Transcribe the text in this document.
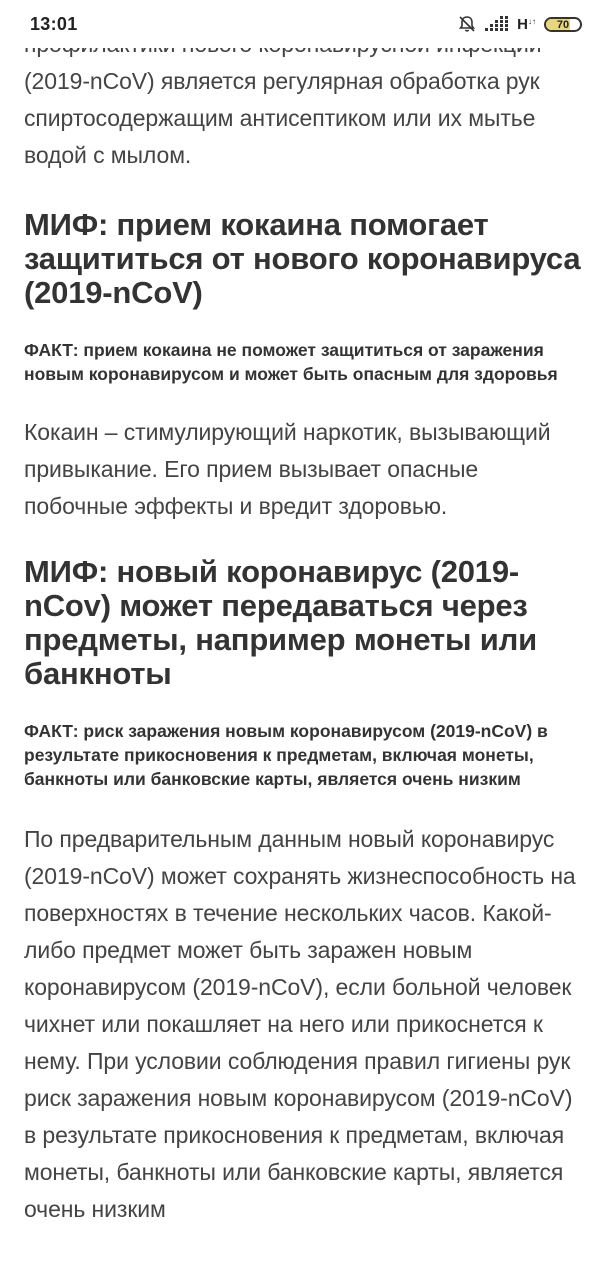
13:01	H ↓↑	70

(2019-nCoV) является регулярная обработка рук спиртосодержащим антисептиком или их мытье водой с мылом.

МИФ: прием кокаина помогает защититься от нового коронавируса (2019-nCoV)

ФАКТ: прием кокаина не поможет защититься от заражения новым коронавирусом и может быть опасным для здоровья

Кокаин – стимулирующий наркотик, вызывающий привыкание. Его прием вызывает опасные побочные эффекты и вредит здоровью.

МИФ: новый коронавирус (2019-nCov) может передаваться через предметы, например монеты или банкноты

ФАКТ: риск заражения новым коронавирусом (2019-nCoV) в результате прикосновения к предметам, включая монеты, банкноты или банковские карты, является очень низким

По предварительным данным новый коронавирус (2019-nCoV) может сохранять жизнеспособность на поверхностях в течение нескольких часов. Какой-либо предмет может быть заражен новым коронавирусом (2019-nCoV), если больной человек чихнет или покашляет на него или прикоснется к нему. При условии соблюдения правил гигиены рук риск заражения новым коронавирусом (2019-nCoV) в результате прикосновения к предметам, включая монеты, банкноты или банковские карты, является очень низким
